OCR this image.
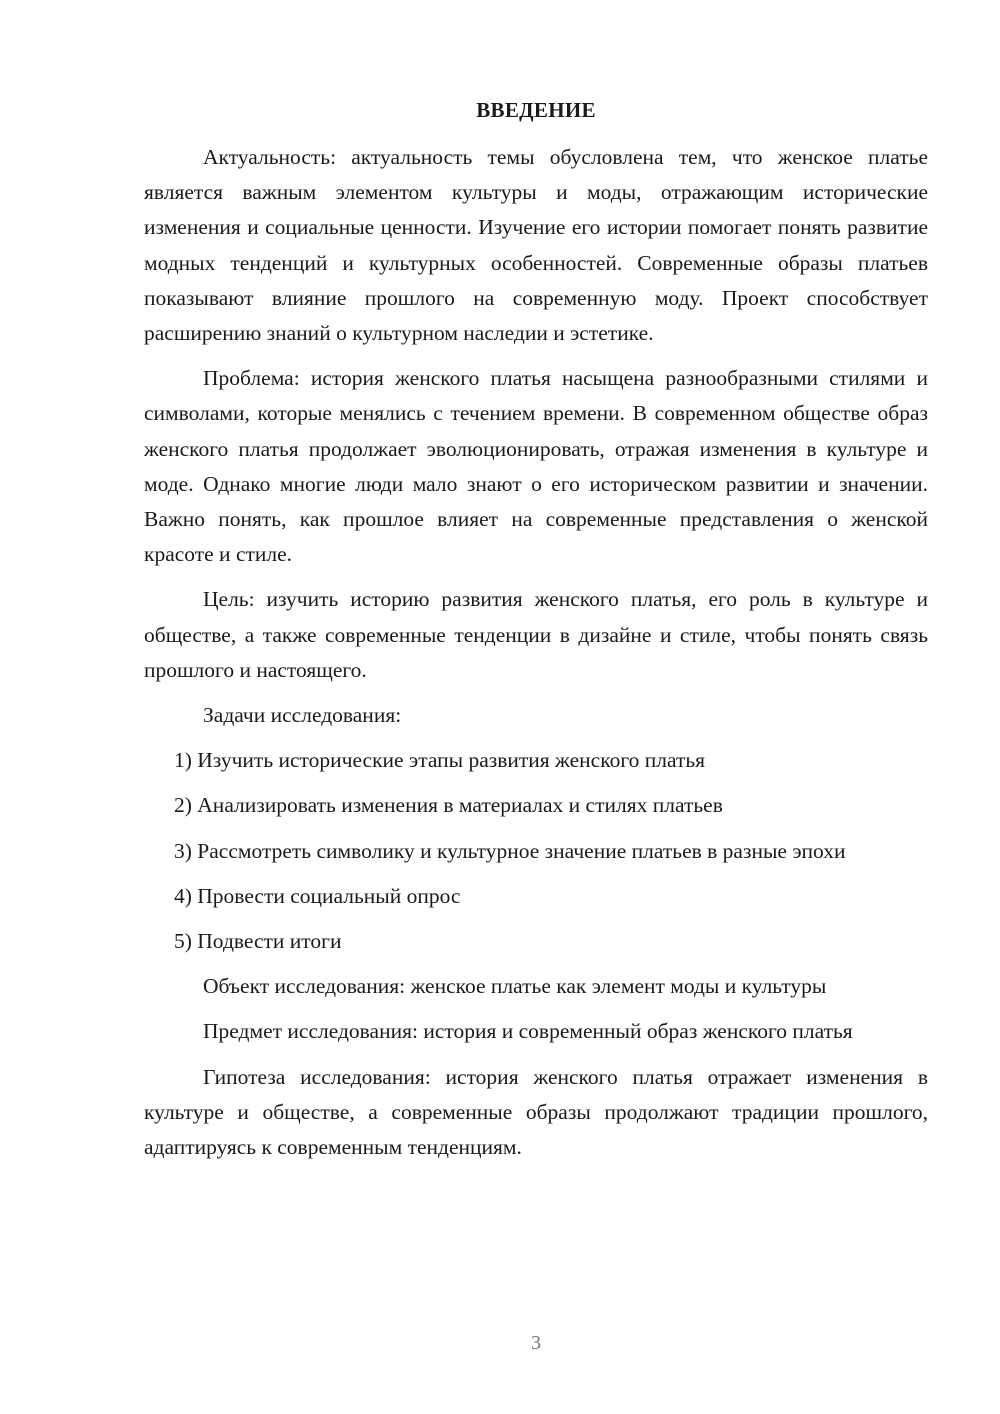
ВВЕДЕНИЕ

Актуальность: актуальность темы обусловлена тем, что женское платье является важным элементом культуры и моды, отражающим исторические изменения и социальные ценности. Изучение его истории помогает понять развитие модных тенденций и культурных особенностей. Современные образы платьев показывают влияние прошлого на современную моду. Проект способствует расширению знаний о культурном наследии и эстетике.

Проблема: история женского платья насыщена разнообразными стилями и символами, которые менялись с течением времени. В современном обществе образ женского платья продолжает эволюционировать, отражая изменения в культуре и моде. Однако многие люди мало знают о его историческом развитии и значении. Важно понять, как прошлое влияет на современные представления о женской красоте и стиле.

Цель: изучить историю развития женского платья, его роль в культуре и обществе, а также современные тенденции в дизайне и стиле, чтобы понять связь прошлого и настоящего.

Задачи исследования:

1) Изучить исторические этапы развития женского платья

2) Анализировать изменения в материалах и стилях платьев

3) Рассмотреть символику и культурное значение платьев в разные эпохи

4) Провести социальный опрос

5) Подвести итоги

Объект исследования: женское платье как элемент моды и культуры

Предмет исследования: история и современный образ женского платья

Гипотеза исследования: история женского платья отражает изменения в культуре и обществе, а современные образы продолжают традиции прошлого, адаптируясь к современным тенденциям.

3
